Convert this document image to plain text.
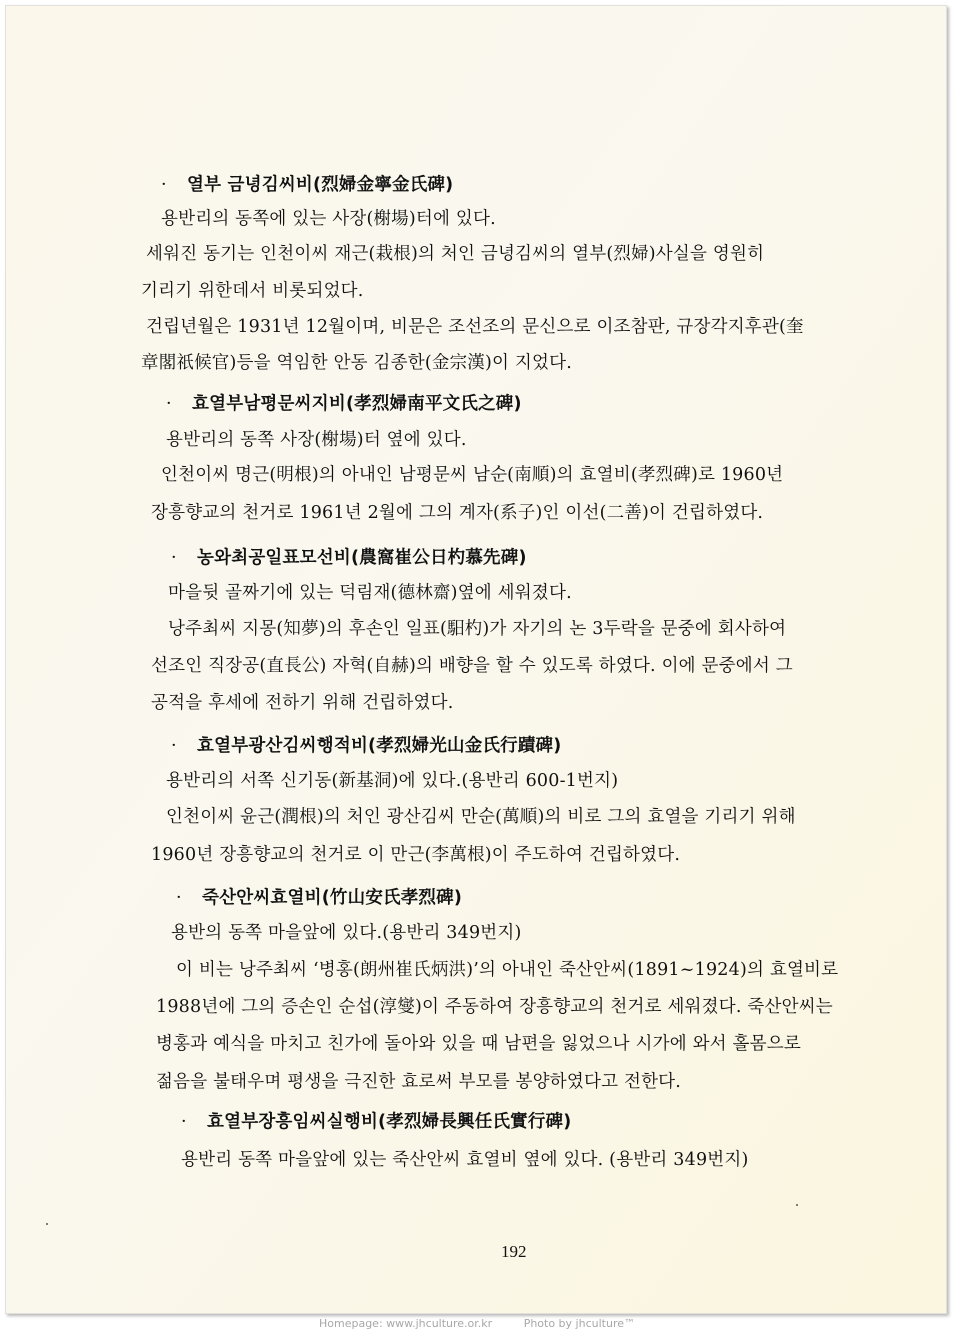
· 열부 금녕김씨비(烈婦金寧金氏碑)
용반리의 동쪽에 있는 사장(榭場)터에 있다.
세워진 동기는 인천이씨 재근(栽根)의 처인 금녕김씨의 열부(烈婦)사실을 영원히
기리기 위한데서 비롯되었다.
건립년월은 1931년 12월이며, 비문은 조선조의 문신으로 이조참판, 규장각지후관(奎
章閣祇候官)등을 역임한 안동 김종한(金宗漢)이 지었다.
· 효열부남평문씨지비(孝烈婦南平文氏之碑)
용반리의 동쪽 사장(榭場)터 옆에 있다.
인천이씨 명근(明根)의 아내인 남평문씨 남순(南順)의 효열비(孝烈碑)로 1960년
장흥향교의 천거로 1961년 2월에 그의 계자(系子)인 이선(二善)이 건립하였다.
· 농와최공일표모선비(農窩崔公日杓慕先碑)
마을뒷 골짜기에 있는 덕림재(德林齋)옆에 세워졌다.
낭주최씨 지몽(知夢)의 후손인 일표(馹杓)가 자기의 논 3두락을 문중에 회사하여
선조인 직장공(直長公) 자혁(自赫)의 배향을 할 수 있도록 하였다. 이에 문중에서 그
공적을 후세에 전하기 위해 건립하였다.
· 효열부광산김씨행적비(孝烈婦光山金氏行蹟碑)
용반리의 서쪽 신기동(新基洞)에 있다.(용반리 600-1번지)
인천이씨 윤근(潤根)의 처인 광산김씨 만순(萬順)의 비로 그의 효열을 기리기 위해
1960년 장흥향교의 천거로 이 만근(李萬根)이 주도하여 건립하였다.
· 죽산안씨효열비(竹山安氏孝烈碑)
용반의 동쪽 마을앞에 있다.(용반리 349번지)
이 비는 낭주최씨 ‘병홍(朗州崔氏炳洪)’의 아내인 죽산안씨(1891~1924)의 효열비로
1988년에 그의 증손인 순섭(淳燮)이 주동하여 장흥향교의 천거로 세워졌다. 죽산안씨는
병홍과 예식을 마치고 친가에 돌아와 있을 때 남편을 잃었으나 시가에 와서 홀몸으로
젊음을 불태우며 평생을 극진한 효로써 부모를 봉양하였다고 전한다.
· 효열부장흥임씨실행비(孝烈婦長興任氏實行碑)
용반리 동쪽 마을앞에 있는 죽산안씨 효열비 옆에 있다. (용반리 349번지)
192
Homepage: www.jhculture.or.kr	Photo by jhculture™
